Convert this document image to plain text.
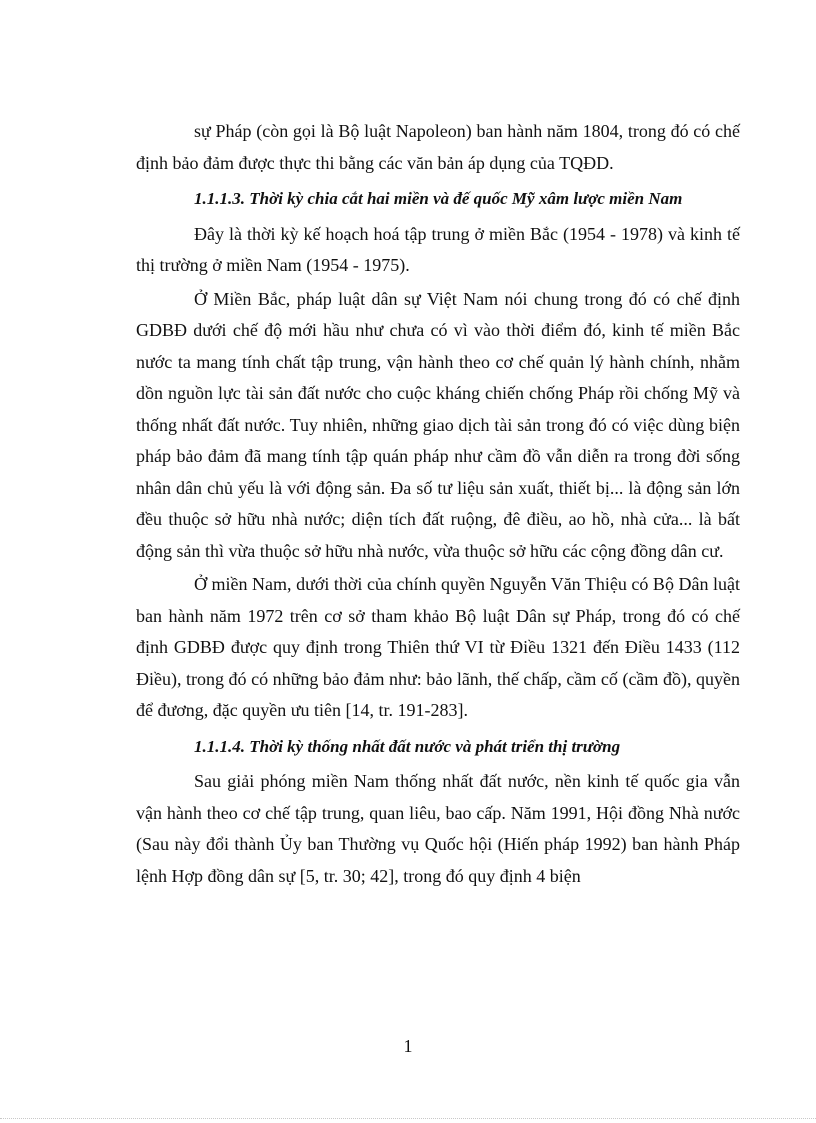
sự Pháp (còn gọi là Bộ luật Napoleon) ban hành năm 1804, trong đó có chế định bảo đảm được thực thi bằng các văn bản áp dụng của TQĐD.

1.1.1.3. Thời kỳ chia cắt hai miền và đế quốc Mỹ xâm lược miền Nam

Đây là thời kỳ kế hoạch hoá tập trung ở miền Bắc (1954 - 1978) và kinh tế thị trường ở miền Nam (1954 - 1975).

Ở Miền Bắc, pháp luật dân sự Việt Nam nói chung trong đó có chế định GDBĐ dưới chế độ mới hầu như chưa có vì vào thời điểm đó, kinh tế miền Bắc nước ta mang tính chất tập trung, vận hành theo cơ chế quản lý hành chính, nhằm dồn nguồn lực tài sản đất nước cho cuộc kháng chiến chống Pháp rồi chống Mỹ và thống nhất đất nước. Tuy nhiên, những giao dịch tài sản trong đó có việc dùng biện pháp bảo đảm đã mang tính tập quán pháp như cầm đồ vẫn diễn ra trong đời sống nhân dân chủ yếu là với động sản. Đa số tư liệu sản xuất, thiết bị... là động sản lớn đều thuộc sở hữu nhà nước; diện tích đất ruộng, đê điều, ao hồ, nhà cửa... là bất động sản thì vừa thuộc sở hữu nhà nước, vừa thuộc sở hữu các cộng đồng dân cư.

Ở miền Nam, dưới thời của chính quyền Nguyễn Văn Thiệu có Bộ Dân luật ban hành năm 1972 trên cơ sở tham khảo Bộ luật Dân sự Pháp, trong đó có chế định GDBĐ được quy định trong Thiên thứ VI từ Điều 1321 đến Điều 1433 (112 Điều), trong đó có những bảo đảm như: bảo lãnh, thế chấp, cầm cố (cầm đồ), quyền để đương, đặc quyền ưu tiên [14, tr. 191-283].

1.1.1.4. Thời kỳ thống nhất đất nước và phát triển thị trường

Sau giải phóng miền Nam thống nhất đất nước, nền kinh tế quốc gia vẫn vận hành theo cơ chế tập trung, quan liêu, bao cấp. Năm 1991, Hội đồng Nhà nước (Sau này đổi thành Ủy ban Thường vụ Quốc hội (Hiến pháp 1992) ban hành Pháp lệnh Hợp đồng dân sự [5, tr. 30; 42], trong đó quy định 4 biện

1
